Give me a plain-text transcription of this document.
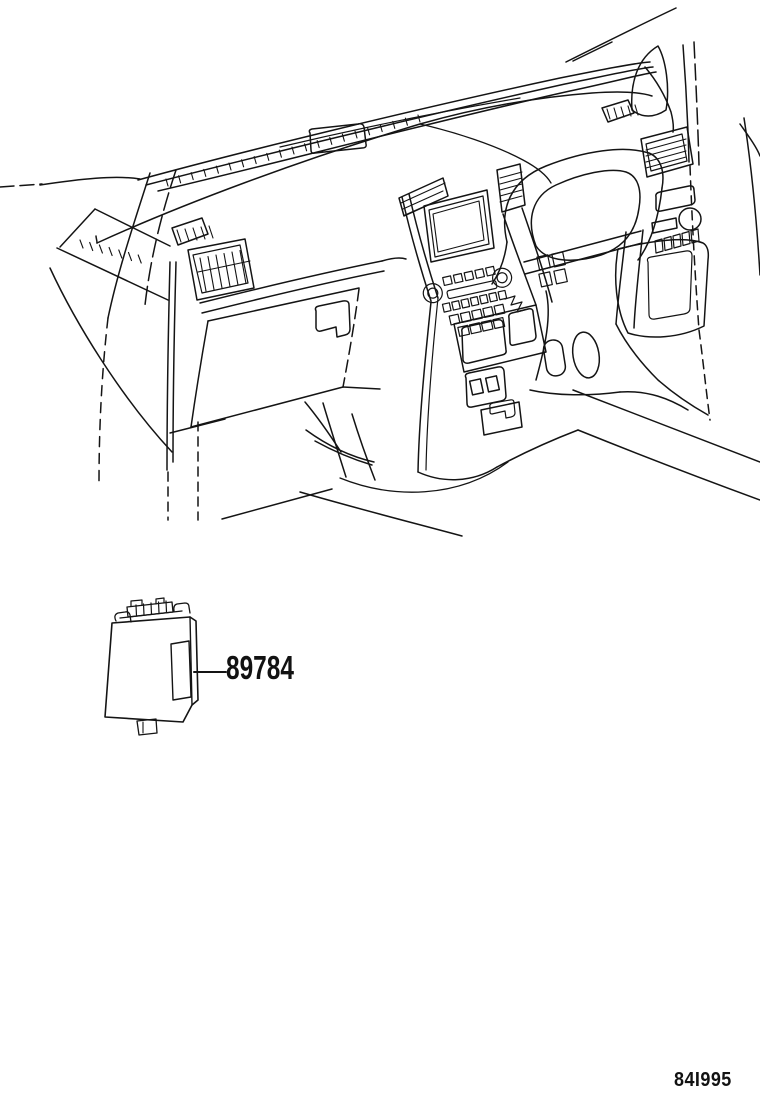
89784
84I995
